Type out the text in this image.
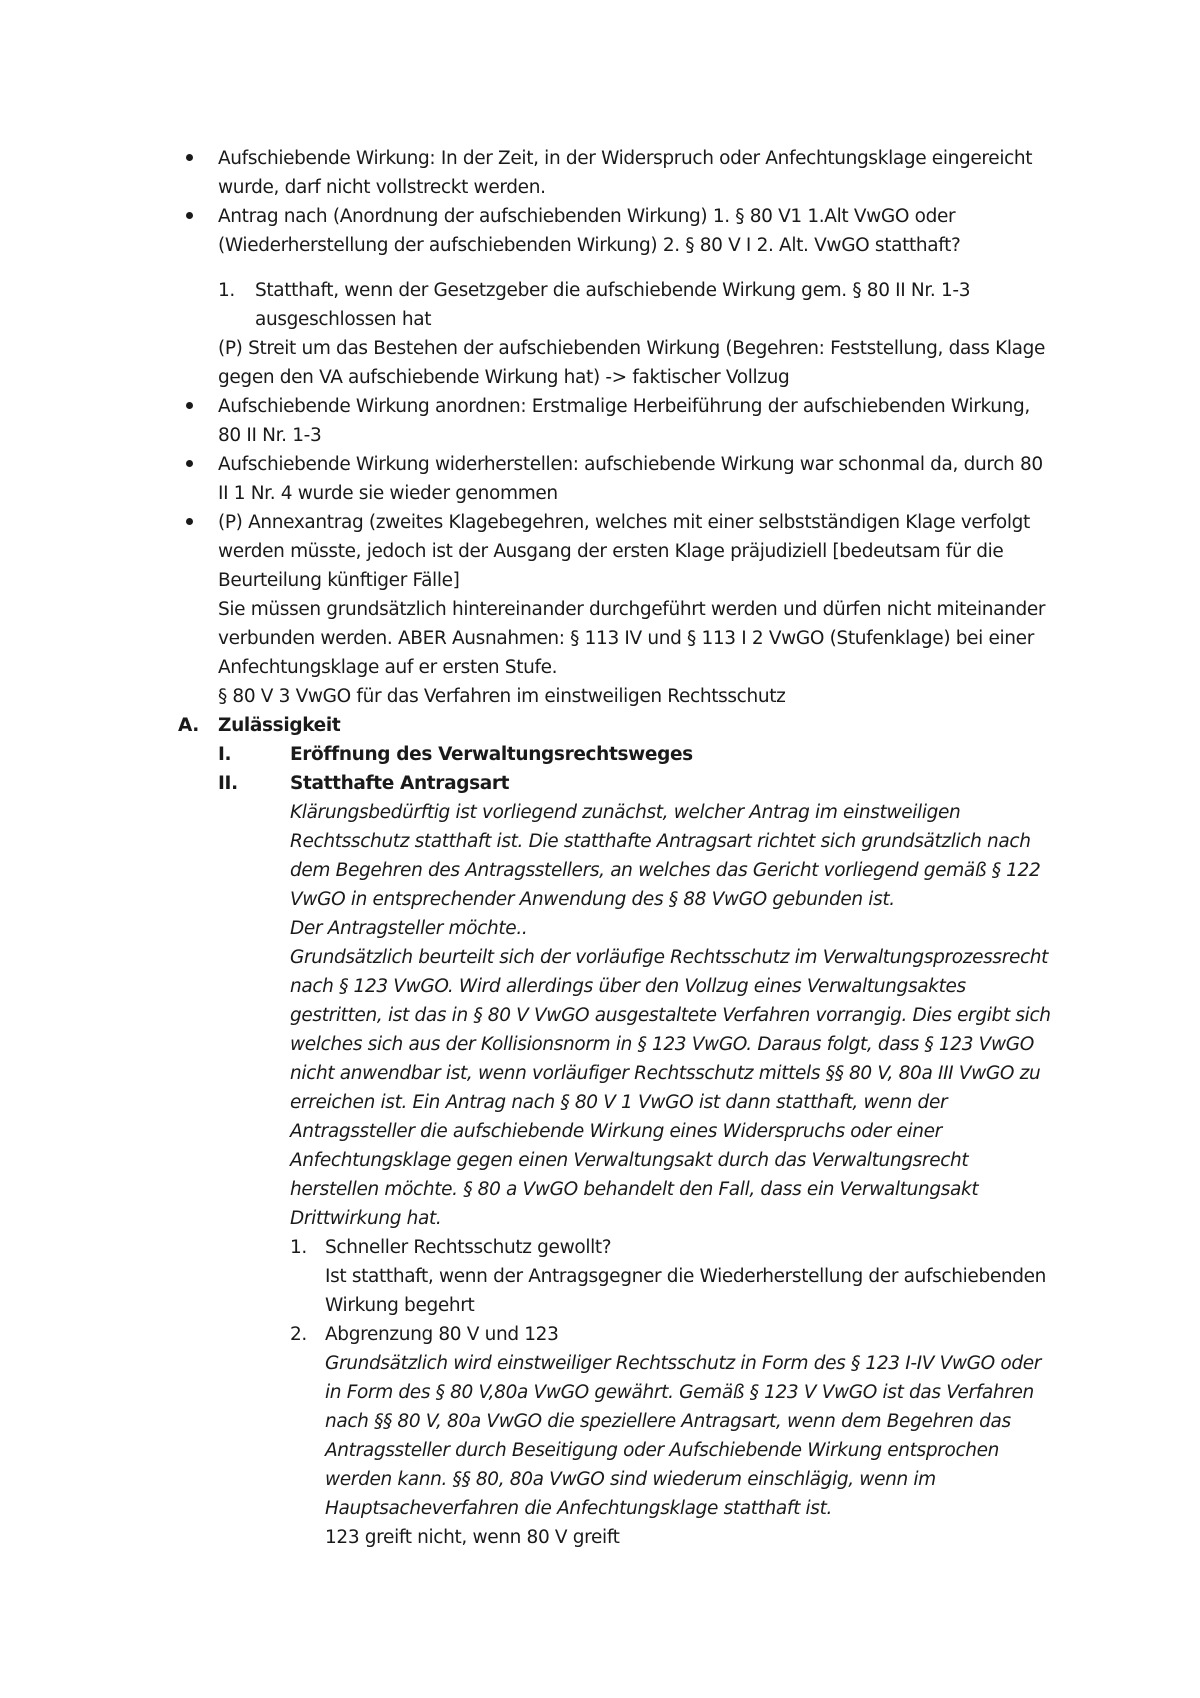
Aufschiebende Wirkung: In der Zeit, in der Widerspruch oder Anfechtungsklage eingereicht
wurde, darf nicht vollstreckt werden.
Antrag nach (Anordnung der aufschiebenden Wirkung) 1. § 80 V1 1.Alt VwGO oder
(Wiederherstellung der aufschiebenden Wirkung) 2. § 80 V I 2. Alt. VwGO statthaft?
1. Statthaft, wenn der Gesetzgeber die aufschiebende Wirkung gem. § 80 II Nr. 1-3
ausgeschlossen hat
(P) Streit um das Bestehen der aufschiebenden Wirkung (Begehren: Feststellung, dass Klage
gegen den VA aufschiebende Wirkung hat) -> faktischer Vollzug
Aufschiebende Wirkung anordnen: Erstmalige Herbeiführung der aufschiebenden Wirkung,
80 II Nr. 1-3
Aufschiebende Wirkung widerherstellen: aufschiebende Wirkung war schonmal da, durch 80
II 1 Nr. 4 wurde sie wieder genommen
(P) Annexantrag (zweites Klagebegehren, welches mit einer selbstständigen Klage verfolgt
werden müsste, jedoch ist der Ausgang der ersten Klage präjudiziell [bedeutsam für die
Beurteilung künftiger Fälle]
Sie müssen grundsätzlich hintereinander durchgeführt werden und dürfen nicht miteinander
verbunden werden. ABER Ausnahmen: § 113 IV und § 113 I 2 VwGO (Stufenklage) bei einer
Anfechtungsklage auf er ersten Stufe.
§ 80 V 3 VwGO für das Verfahren im einstweiligen Rechtsschutz
A. Zulässigkeit
I.	Eröffnung des Verwaltungsrechtsweges
II.	Statthafte Antragsart
Klärungsbedürftig ist vorliegend zunächst, welcher Antrag im einstweiligen
Rechtsschutz statthaft ist. Die statthafte Antragsart richtet sich grundsätzlich nach
dem Begehren des Antragsstellers, an welches das Gericht vorliegend gemäß § 122
VwGO in entsprechender Anwendung des § 88 VwGO gebunden ist.
Der Antragsteller möchte..
Grundsätzlich beurteilt sich der vorläufige Rechtsschutz im Verwaltungsprozessrecht
nach § 123 VwGO. Wird allerdings über den Vollzug eines Verwaltungsaktes
gestritten, ist das in § 80 V VwGO ausgestaltete Verfahren vorrangig. Dies ergibt sich
welches sich aus der Kollisionsnorm in § 123 VwGO. Daraus folgt, dass § 123 VwGO
nicht anwendbar ist, wenn vorläufiger Rechtsschutz mittels §§ 80 V, 80a III VwGO zu
erreichen ist. Ein Antrag nach § 80 V 1 VwGO ist dann statthaft, wenn der
Antragssteller die aufschiebende Wirkung eines Widerspruchs oder einer
Anfechtungsklage gegen einen Verwaltungsakt durch das Verwaltungsrecht
herstellen möchte. § 80 a VwGO behandelt den Fall, dass ein Verwaltungsakt
Drittwirkung hat.
1. Schneller Rechtsschutz gewollt?
Ist statthaft, wenn der Antragsgegner die Wiederherstellung der aufschiebenden
Wirkung begehrt
2. Abgrenzung 80 V und 123
Grundsätzlich wird einstweiliger Rechtsschutz in Form des § 123 I-IV VwGO oder
in Form des § 80 V,80a VwGO gewährt. Gemäß § 123 V VwGO ist das Verfahren
nach §§ 80 V, 80a VwGO die speziellere Antragsart, wenn dem Begehren das
Antragssteller durch Beseitigung oder Aufschiebende Wirkung entsprochen
werden kann. §§ 80, 80a VwGO sind wiederum einschlägig, wenn im
Hauptsacheverfahren die Anfechtungsklage statthaft ist.
123 greift nicht, wenn 80 V greift
